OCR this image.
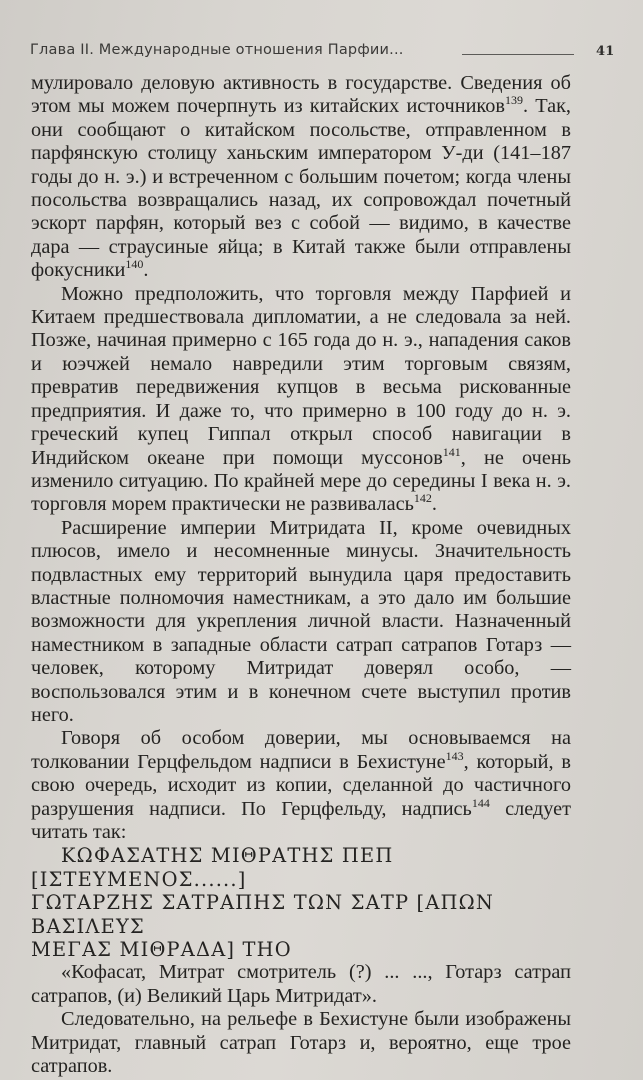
Глава II. Международные отношения Парфии...	41

мулировало деловую активность в государстве. Сведения об этом мы можем почерпнуть из китайских источников$^{139}$. Так, они сообщают о китайском посольстве, отправленном в парфянскую столицу ханьским императором У-ди (141–187 годы до н. э.) и встреченном с большим почетом; когда члены посольства возвращались назад, их сопровождал почетный эскорт парфян, который вез с собой — видимо, в качестве дара — страусиные яйца; в Китай также были отправлены фокусники$^{140}$.

Можно предположить, что торговля между Парфией и Китаем предшествовала дипломатии, а не следовала за ней. Позже, начиная примерно с 165 года до н. э., нападения саков и юэчжей немало навредили этим торговым связям, превратив передвижения купцов в весьма рискованные предприятия. И даже то, что примерно в 100 году до н. э. греческий купец Гиппал открыл способ навигации в Индийском океане при помощи муссонов$^{141}$, не очень изменило ситуацию. По крайней мере до середины I века н. э. торговля морем практически не развивалась$^{142}$.

Расширение империи Митридата II, кроме очевидных плюсов, имело и несомненные минусы. Значительность подвластных ему территорий вынудила царя предоставить властные полномочия наместникам, а это дало им большие возможности для укрепления личной власти. Назначенный наместником в западные области сатрап сатрапов Готарз — человек, которому Митридат доверял особо, — воспользовался этим и в конечном счете выступил против него.

Говоря об особом доверии, мы основываемся на толковании Герцфельдом надписи в Бехистуне$^{143}$, который, в свою очередь, исходит из копии, сделанной до частичного разрушения надписи. По Герцфельду, надпись$^{144}$ следует читать так:

ΚΩΦΑΣΑΤΗΣ ΜΙΘΡΑΤΗΣ ΠΕΠ [ΙΣΤΕΥΜΕΝΟΣ......]

ΓΩΤΑΡΖΗΣ ΣΑΤΡΑΠΗΣ ΤΩΝ ΣΑΤΡ [ΑΠΩΝ ΒΑΣΙΛΕΥΣ

ΜΕΓΑΣ ΜΙΘΡΑΔΑ] ΤΗΟ

«Кофасат, Митрат смотритель (?) ... ..., Готарз сатрап сатрапов, (и) Великий Царь Митридат».

Следовательно, на рельефе в Бехистуне были изображены Митридат, главный сатрап Готарз и, вероятно, еще трое сатрапов.
